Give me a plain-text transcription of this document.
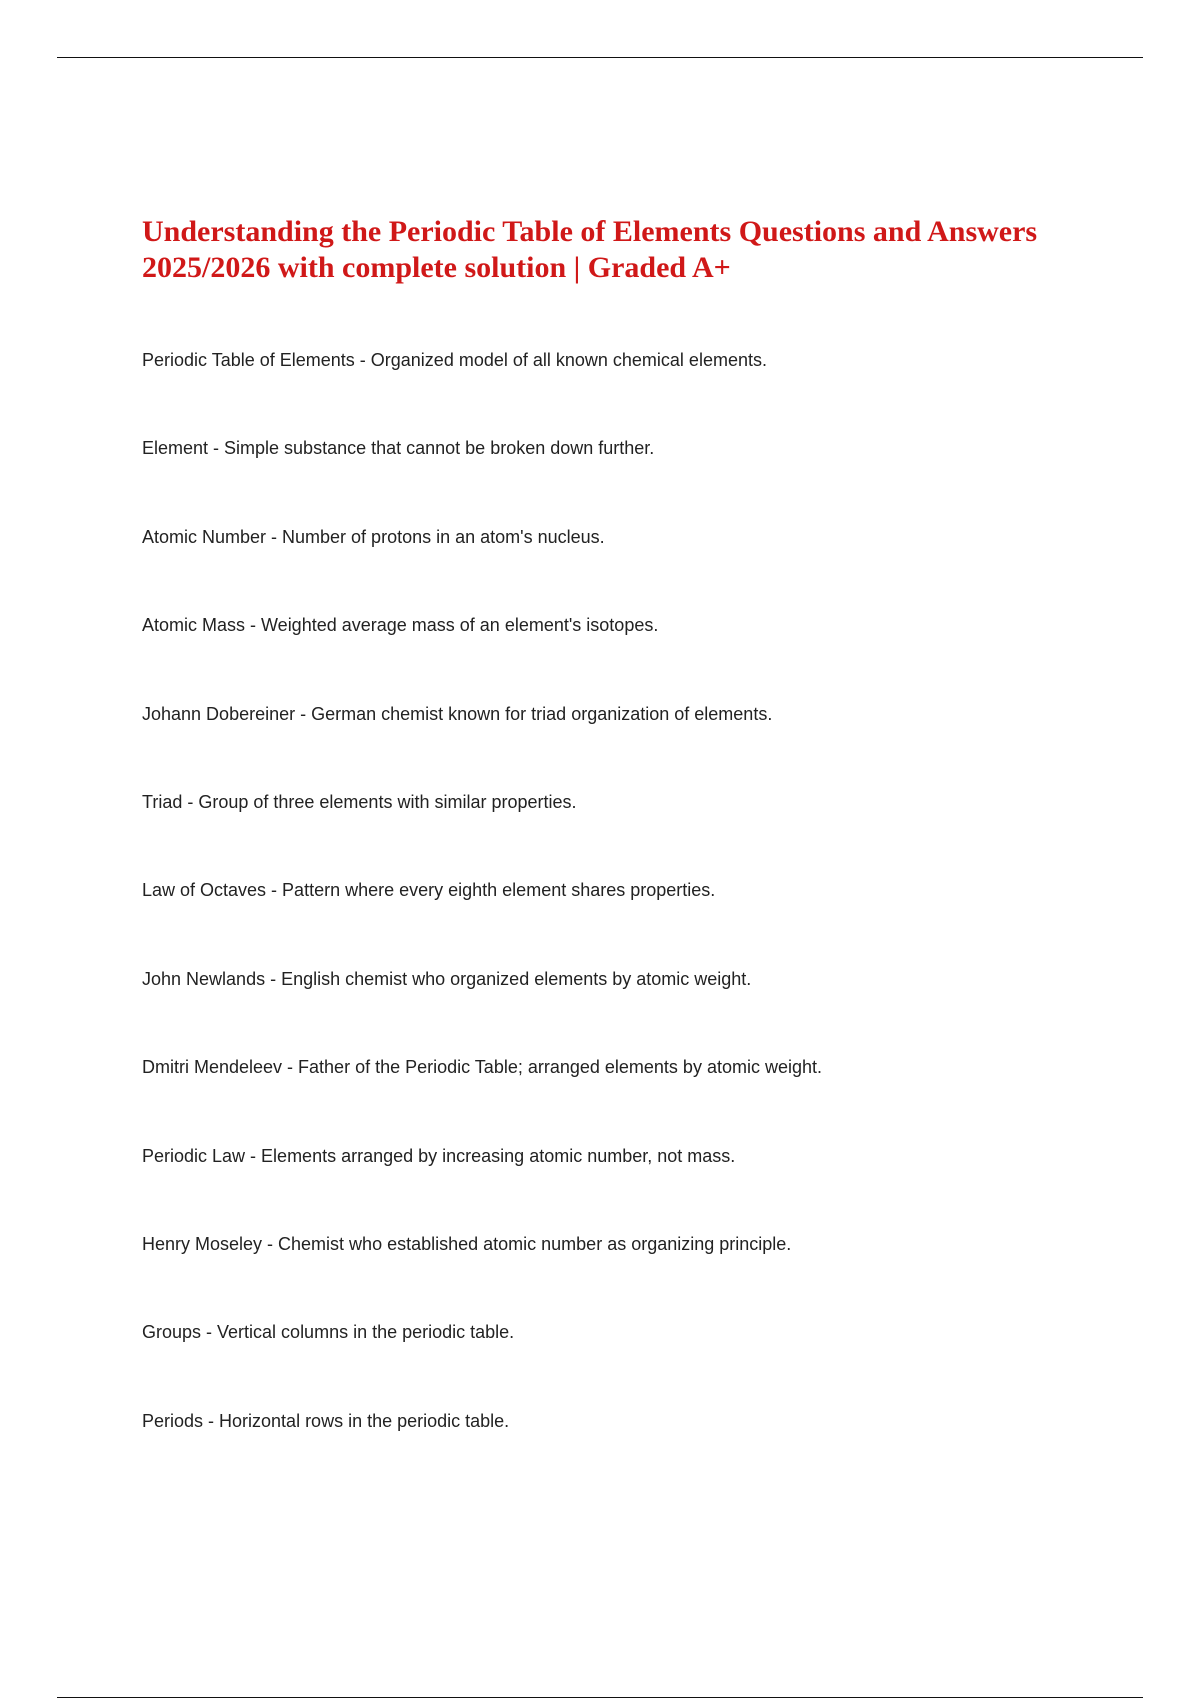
Understanding the Periodic Table of Elements Questions and Answers 2025/2026 with complete solution | Graded A+
Periodic Table of Elements - Organized model of all known chemical elements.
Element - Simple substance that cannot be broken down further.
Atomic Number - Number of protons in an atom's nucleus.
Atomic Mass - Weighted average mass of an element's isotopes.
Johann Dobereiner - German chemist known for triad organization of elements.
Triad - Group of three elements with similar properties.
Law of Octaves - Pattern where every eighth element shares properties.
John Newlands - English chemist who organized elements by atomic weight.
Dmitri Mendeleev - Father of the Periodic Table; arranged elements by atomic weight.
Periodic Law - Elements arranged by increasing atomic number, not mass.
Henry Moseley - Chemist who established atomic number as organizing principle.
Groups - Vertical columns in the periodic table.
Periods - Horizontal rows in the periodic table.
